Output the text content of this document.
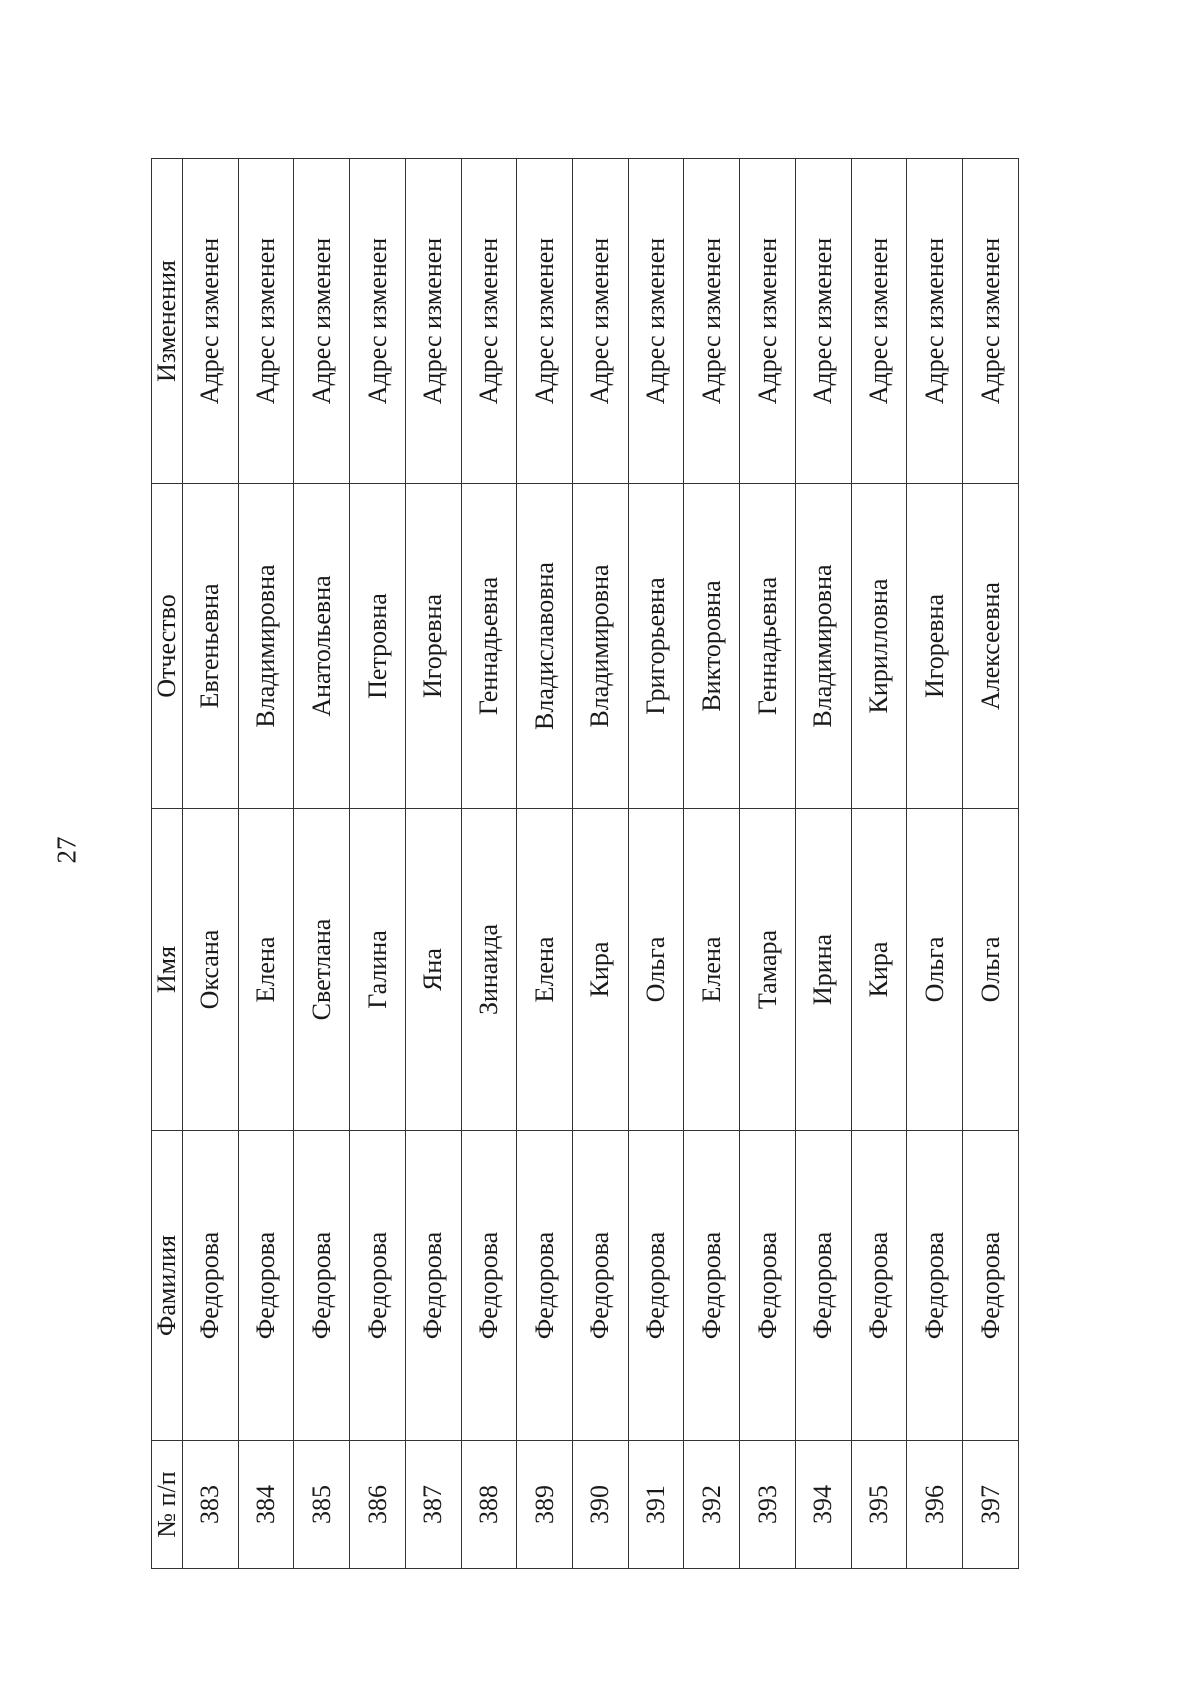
27
№ п/п	Фамилия	Имя	Отчество	Изменения
383	Федорова	Оксана	Евгеньевна	Адрес изменен
384	Федорова	Елена	Владимировна	Адрес изменен
385	Федорова	Светлана	Анатольевна	Адрес изменен
386	Федорова	Галина	Петровна	Адрес изменен
387	Федорова	Яна	Игоревна	Адрес изменен
388	Федорова	Зинаида	Геннадьевна	Адрес изменен
389	Федорова	Елена	Владиславовна	Адрес изменен
390	Федорова	Кира	Владимировна	Адрес изменен
391	Федорова	Ольга	Григорьевна	Адрес изменен
392	Федорова	Елена	Викторовна	Адрес изменен
393	Федорова	Тамара	Геннадьевна	Адрес изменен
394	Федорова	Ирина	Владимировна	Адрес изменен
395	Федорова	Кира	Кирилловна	Адрес изменен
396	Федорова	Ольга	Игоревна	Адрес изменен
397	Федорова	Ольга	Алексеевна	Адрес изменен
